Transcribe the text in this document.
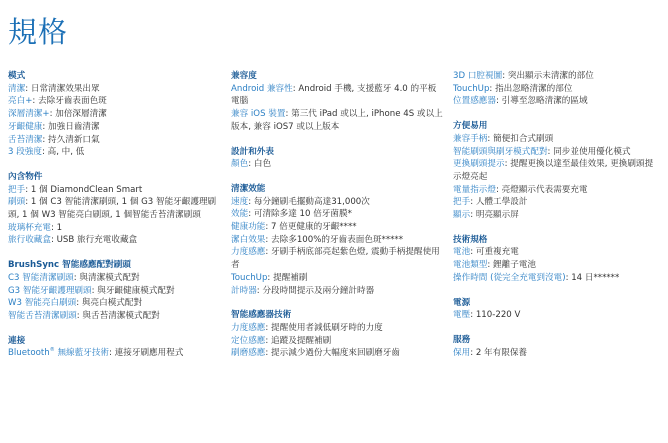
規格
模式
清潔: 日常清潔效果出眾
亮白+: 去除牙齒表面色斑
深層清潔+: 加倍深層清潔
牙齦健康: 加強日齒清潔
舌苔清潔: 持久清新口氣
3 段強度: 高, 中, 低
內含物件
把手: 1 個 DiamondClean Smart
刷頭: 1 個 C3 智能清潔刷頭, 1 個 G3 智能牙齦護理刷頭, 1 個 W3 智能亮白刷頭, 1 個智能舌苔清潔刷頭
玻璃杯充電: 1
旅行收藏盒: USB 旅行充電收藏盒
BrushSync 智能感應配對刷頭
C3 智能清潔刷頭: 與清潔模式配對
G3 智能牙齦護理刷頭: 與牙齦健康模式配對
W3 智能亮白刷頭: 與亮白模式配對
智能舌苔清潔刷頭: 與舌苔清潔模式配對
連接
Bluetooth® 無線藍牙技術: 連接牙刷應用程式
兼容度
Android 兼容性: Android 手機, 支援藍牙 4.0 的平板電腦
兼容 iOS 裝置: 第三代 iPad 或以上, iPhone 4S 或以上版本, 兼容 iOS7 或以上版本
設計和外表
顏色: 白色
清潔效能
速度: 每分鐘刷毛擺動高達31,000次
效能: 可清除多達 10 倍牙菌膜*
健康功能: 7 倍更健康的牙齦****
潔白效果: 去除多100%的牙齒表面色斑*****
力度感應: 牙刷手柄底部亮起紫色燈, 震動手柄提醒使用者
TouchUp: 提醒補刷
計時器: 分段時間提示及兩分鐘計時器
智能感應器技術
力度感應: 提醒使用者減低刷牙時的力度
定位感應: 追蹤及提醒補刷
刷磨感應: 提示減少過份大幅度來回刷磨牙齒
3D 口腔視圖: 突出顯示未清潔的部位
TouchUp: 指出忽略清潔的部位
位置感應器: 引導至忽略清潔的區域
方便易用
兼容手柄: 簡便扣合式刷頭
智能刷頭與刷牙模式配對: 同步並使用優化模式
更換刷頭提示: 提醒更換以達至最佳效果, 更換刷頭提示燈亮起
電量指示燈: 亮燈顯示代表需要充電
把手: 人體工學設計
顯示: 明亮顯示屏
技術規格
電池: 可重複充電
電池類型: 鋰離子電池
操作時間 (從完全充電到沒電): 14 日******
電源
電壓: 110-220 V
服務
保用: 2 年有限保養
